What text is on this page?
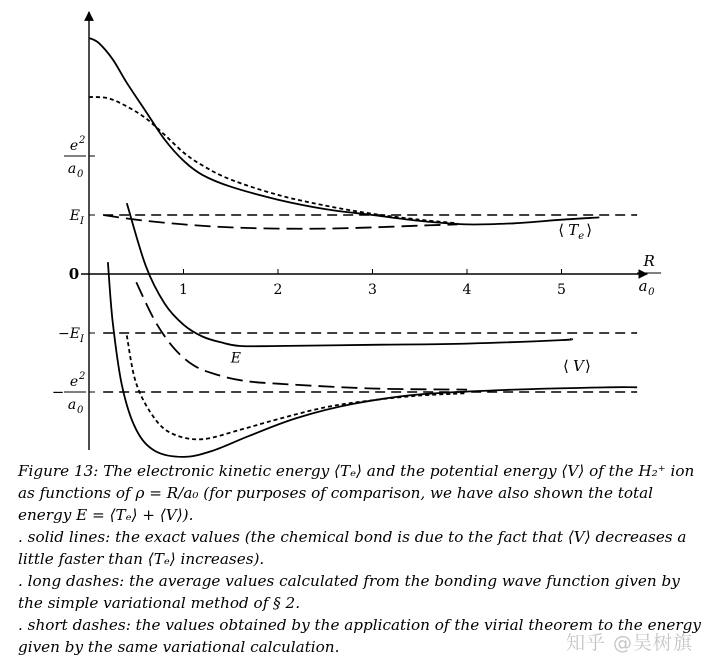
1	2	3	4	5
R
a 0
0
E I
−E I
e 2
a 0
−
e 2
a 0
⟨ T e ⟩
E	⟨ V ⟩

Figure 13: The electronic kinetic energy ⟨Tₑ⟩ and the potential energy ⟨V⟩ of the H₂⁺ ion as functions of ρ = R/a₀ (for purposes of comparison, we have also shown the total energy E = ⟨Tₑ⟩ + ⟨V⟩).

. solid lines: the exact values (the chemical bond is due to the fact that ⟨V⟩ decreases a little faster than ⟨Tₑ⟩ increases).

. long dashes: the average values calculated from the bonding wave function given by the simple variational method of § 2.

. short dashes: the values obtained by the application of the virial theorem to the energy given by the same variational calculation.	知乎 @吴树旗
